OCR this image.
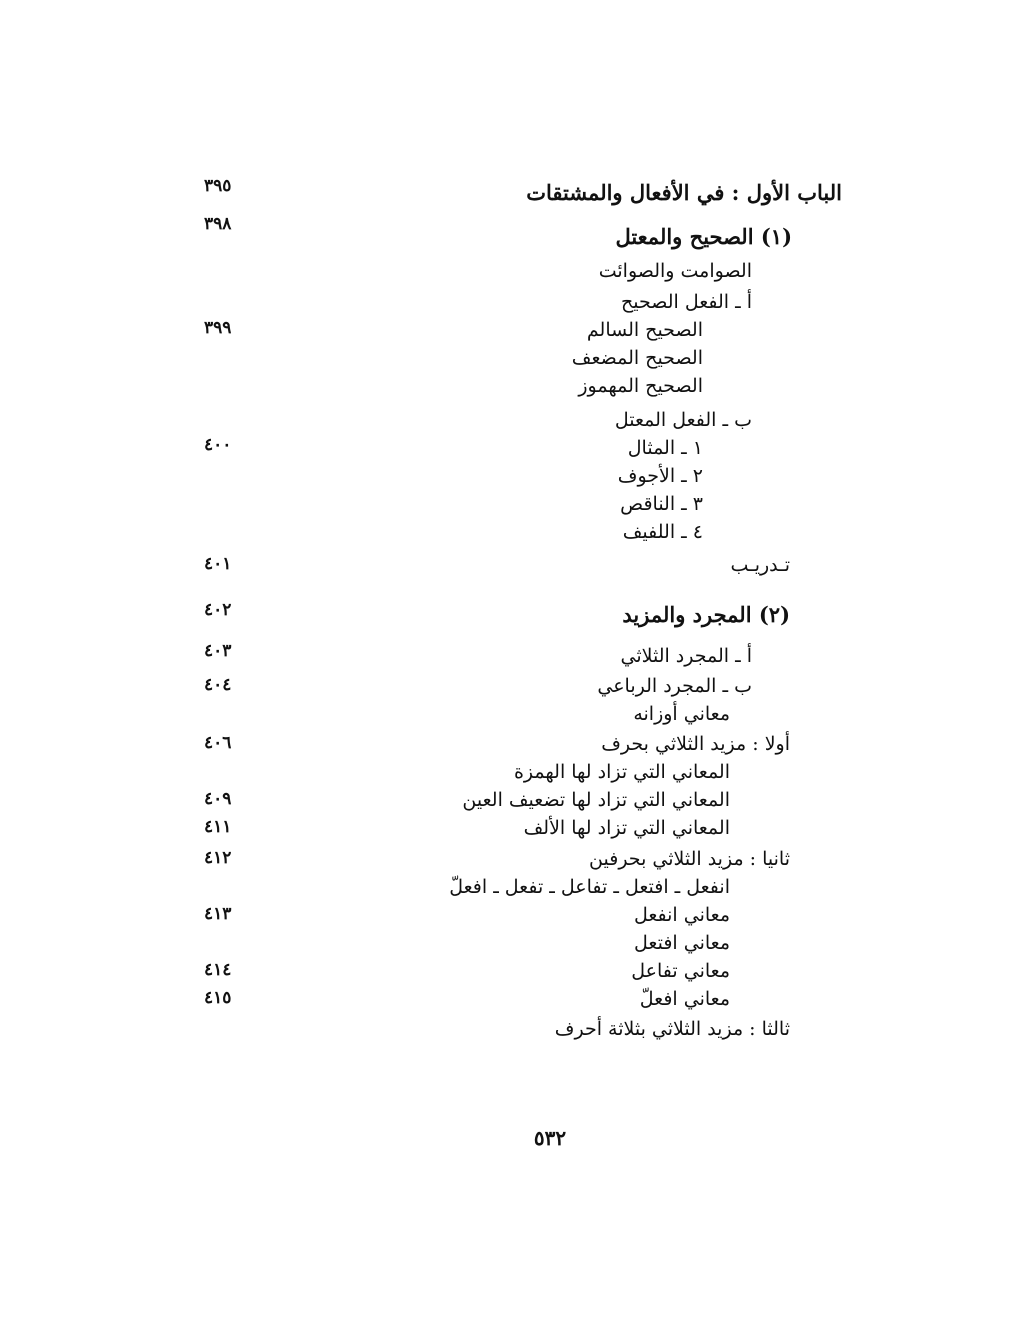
الباب الأول : في الأفعال والمشتقات
٣٩٥
(١) الصحيح والمعتل
٣٩٨
الصوامت والصوائت
أ ـ الفعل الصحيح
الصحيح السالم
٣٩٩
الصحيح المضعف
الصحيح المهموز
ب ـ الفعل المعتل
١ ـ المثال
٤٠٠
٢ ـ الأجوف
٣ ـ الناقص
٤ ـ اللفيف
تـدريـب
٤٠١
(٢) المجرد والمزيد
٤٠٢
أ ـ المجرد الثلاثي
٤٠٣
ب ـ المجرد الرباعي
٤٠٤
معاني أوزانه
أولا : مزيد الثلاثي بحرف
٤٠٦
المعاني التي تزاد لها الهمزة
المعاني التي تزاد لها تضعيف العين
٤٠٩
المعاني التي تزاد لها الألف
٤١١
ثانيا : مزيد الثلاثي بحرفين
٤١٢
انفعل ـ افتعل ـ تفاعل ـ تفعل ـ افعلّ
معاني انفعل
٤١٣
معاني افتعل
معاني تفاعل
٤١٤
معاني افعلّ
٤١٥
ثالثا : مزيد الثلاثي بثلاثة أحرف
٥٣٢
